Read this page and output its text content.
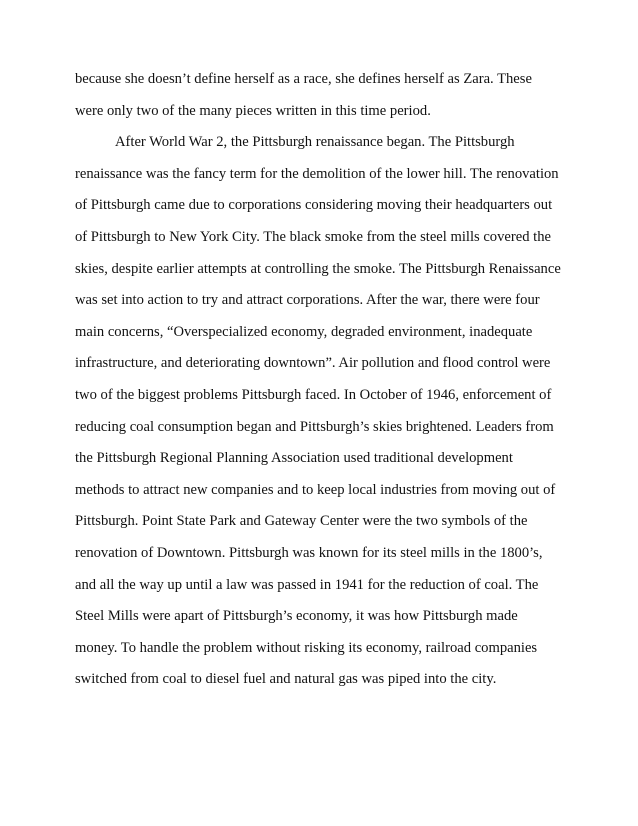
because she doesn’t define herself as a race, she defines herself as Zara. These
were only two of the many pieces written in this time period.
After World War 2, the Pittsburgh renaissance began. The Pittsburgh
renaissance was the fancy term for the demolition of the lower hill. The renovation
of Pittsburgh came due to corporations considering moving their headquarters out
of Pittsburgh to New York City. The black smoke from the steel mills covered the
skies, despite earlier attempts at controlling the smoke. The Pittsburgh Renaissance
was set into action to try and attract corporations. After the war, there were four
main concerns, “Overspecialized economy, degraded environment, inadequate
infrastructure, and deteriorating downtown”. Air pollution and flood control were
two of the biggest problems Pittsburgh faced. In October of 1946, enforcement of
reducing coal consumption began and Pittsburgh’s skies brightened. Leaders from
the Pittsburgh Regional Planning Association used traditional development
methods to attract new companies and to keep local industries from moving out of
Pittsburgh. Point State Park and Gateway Center were the two symbols of the
renovation of Downtown. Pittsburgh was known for its steel mills in the 1800’s,
and all the way up until a law was passed in 1941 for the reduction of coal. The
Steel Mills were apart of Pittsburgh’s economy, it was how Pittsburgh made
money. To handle the problem without risking its economy, railroad companies
switched from coal to diesel fuel and natural gas was piped into the city.
